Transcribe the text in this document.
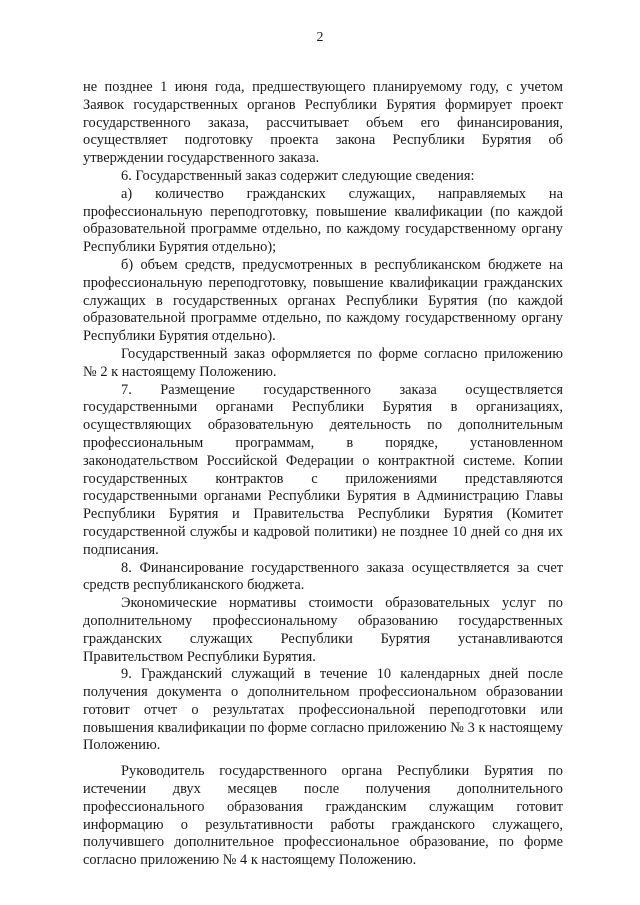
2

не позднее 1 июня года, предшествующего планируемому году, с учетом Заявок государственных органов Республики Бурятия формирует проект государственного заказа, рассчитывает объем его финансирования, осуществляет подготовку проекта закона Республики Бурятия об утверждении государственного заказа.

6. Государственный заказ содержит следующие сведения:

а) количество гражданских служащих, направляемых на профессиональную переподготовку, повышение квалификации (по каждой образовательной программе отдельно, по каждому государственному органу Республики Бурятия отдельно);

б) объем средств, предусмотренных в республиканском бюджете на профессиональную переподготовку, повышение квалификации гражданских служащих в государственных органах Республики Бурятия (по каждой образовательной программе отдельно, по каждому государственному органу Республики Бурятия отдельно).

Государственный заказ оформляется по форме согласно приложению № 2 к настоящему Положению.

7. Размещение государственного заказа осуществляется государственными органами Республики Бурятия в организациях, осуществляющих образовательную деятельность по дополнительным профессиональным программам, в порядке, установленном законодательством Российской Федерации о контрактной системе. Копии государственных контрактов с приложениями представляются государственными органами Республики Бурятия в Администрацию Главы Республики Бурятия и Правительства Республики Бурятия (Комитет государственной службы и кадровой политики) не позднее 10 дней со дня их подписания.

8. Финансирование государственного заказа осуществляется за счет средств республиканского бюджета.

Экономические нормативы стоимости образовательных услуг по дополнительному профессиональному образованию государственных гражданских служащих Республики Бурятия устанавливаются Правительством Республики Бурятия.

9. Гражданский служащий в течение 10 календарных дней после получения документа о дополнительном профессиональном образовании готовит отчет о результатах профессиональной переподготовки или повышения квалификации по форме согласно приложению № 3 к настоящему Положению.

Руководитель государственного органа Республики Бурятия по истечении двух месяцев после получения дополнительного профессионального образования гражданским служащим готовит информацию о результативности работы гражданского служащего, получившего дополнительное профессиональное образование, по форме согласно приложению № 4 к настоящему Положению.
